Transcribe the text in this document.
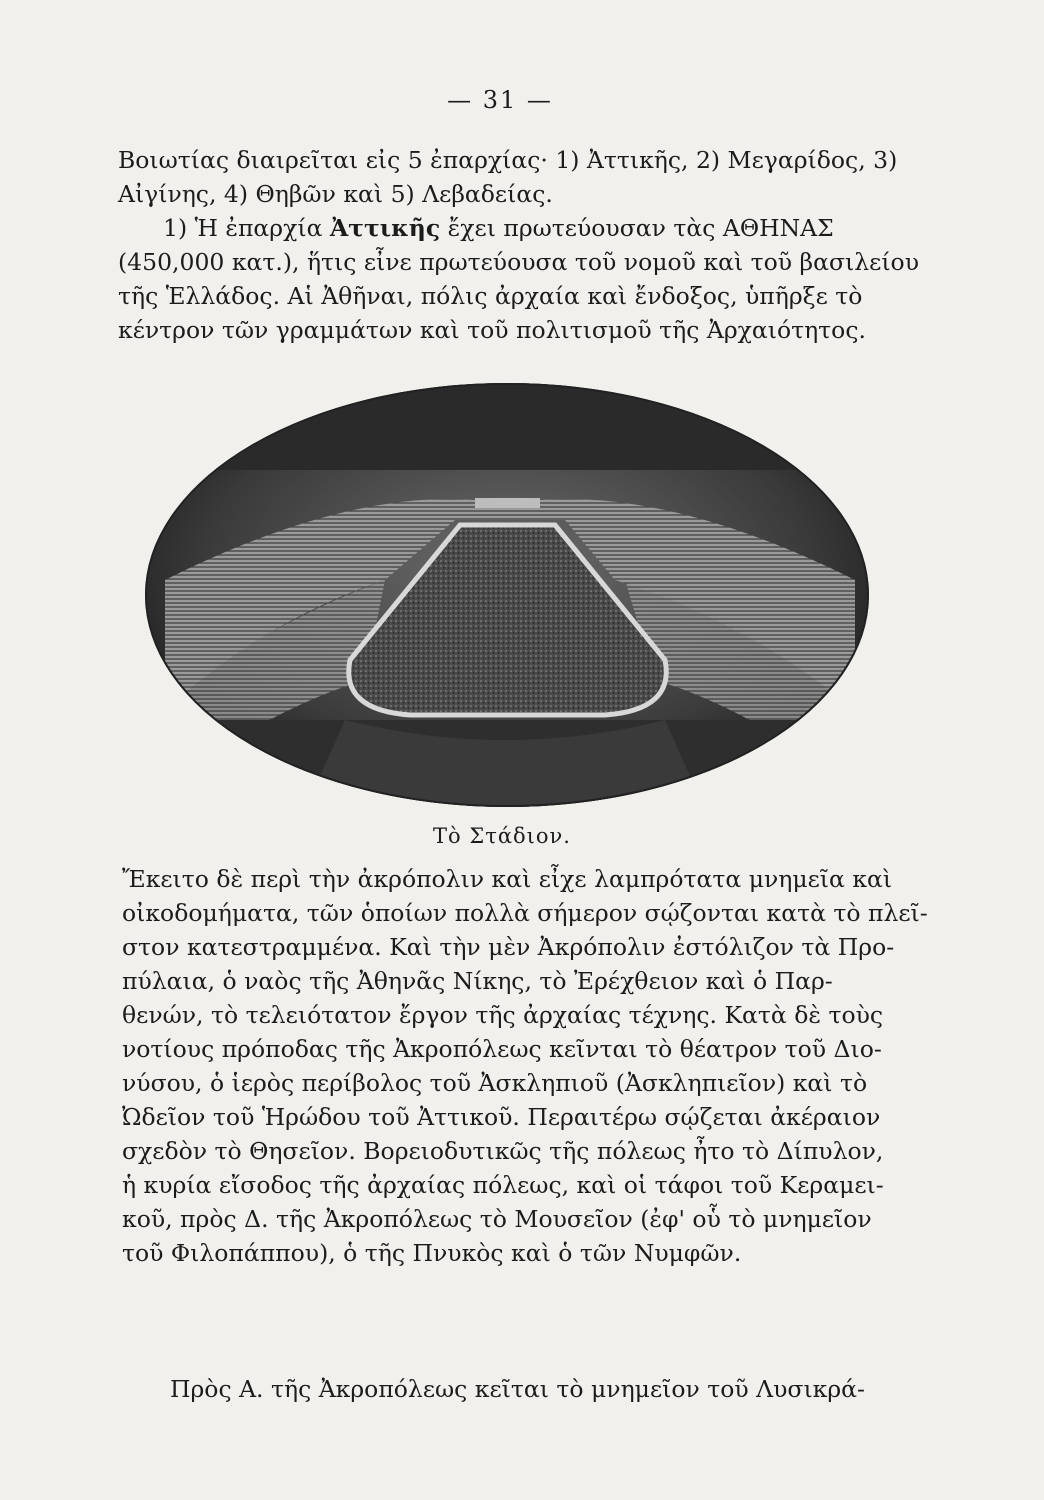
— 31 —
Βοιωτίας διαιρεῖται εἰς 5 ἐπαρχίας· 1) Ἀττικῆς, 2) Μεγαρίδος, 3)
Αἰγίνης, 4) Θηβῶν καὶ 5) Λεβαδείας.
1) Ἡ ἐπαρχία Ἀττικῆς ἔχει πρωτεύουσαν τὰς ΑΘΗΝΑΣ
(450,000 κατ.), ἥτις εἶνε πρωτεύουσα τοῦ νομοῦ καὶ τοῦ βασιλείου
τῆς Ἑλλάδος. Αἱ Ἀθῆναι, πόλις ἀρχαία καὶ ἔνδοξος, ὑπῆρξε τὸ
κέντρον τῶν γραμμάτων καὶ τοῦ πολιτισμοῦ τῆς Ἀρχαιότητος.
Τὸ Στάδιον.
Ἔκειτο δὲ περὶ τὴν ἀκρόπολιν καὶ εἶχε λαμπρότατα μνημεῖα καὶ
οἰκοδομήματα, τῶν ὁποίων πολλὰ σήμερον σῴζονται κατὰ τὸ πλεῖ-
στον κατεστραμμένα. Καὶ τὴν μὲν Ἀκρόπολιν ἐστόλιζον τὰ Προ-
πύλαια, ὁ ναὸς τῆς Ἀθηνᾶς Νίκης, τὸ Ἐρέχθειον καὶ ὁ Παρ-
θενών, τὸ τελειότατον ἔργον τῆς ἀρχαίας τέχνης. Κατὰ δὲ τοὺς
νοτίους πρόποδας τῆς Ἀκροπόλεως κεῖνται τὸ θέατρον τοῦ Διο-
νύσου, ὁ ἱερὸς περίβολος τοῦ Ἀσκληπιοῦ (Ἀσκληπιεῖον) καὶ τὸ
Ὠδεῖον τοῦ Ἡρώδου τοῦ Ἀττικοῦ. Περαιτέρω σῴζεται ἀκέραιον
σχεδὸν τὸ Θησεῖον. Βορειοδυτικῶς τῆς πόλεως ἦτο τὸ Δίπυλον,
ἡ κυρία εἴσοδος τῆς ἀρχαίας πόλεως, καὶ οἱ τάφοι τοῦ Κεραμει-
κοῦ, πρὸς Δ. τῆς Ἀκροπόλεως τὸ Μουσεῖον (ἐφ' οὗ τὸ μνημεῖον
τοῦ Φιλοπάππου), ὁ τῆς Πνυκὸς καὶ ὁ τῶν Νυμφῶν.
Πρὸς Α. τῆς Ἀκροπόλεως κεῖται τὸ μνημεῖον τοῦ Λυσικρά-
